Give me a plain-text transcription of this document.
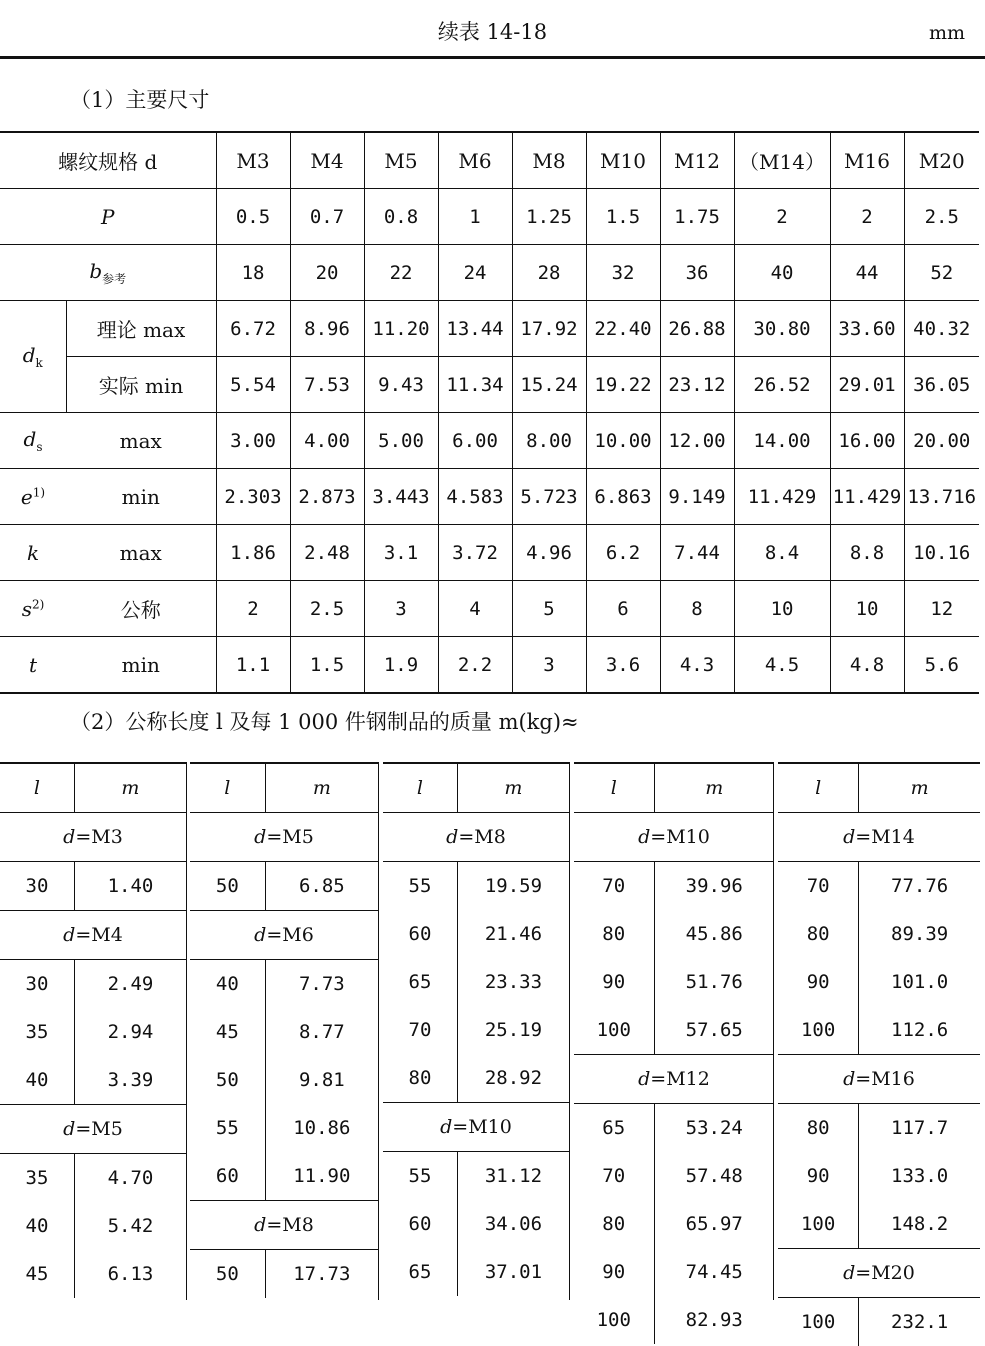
续表 14-18	mm
（1）主要尺寸
螺纹规格 d		M3	M4	M5	M6	M8	M10	M12	（M14）	M16	M20
P		0.5	0.7	0.8	1	1.25	1.5	1.75	2	2	2.5
$b_{参考}$		18	20	22	24	28	32	36	40	44	52
$d_k$	理论 max	6.72	8.96	11.20	13.44	17.92	22.40	26.88	30.80	33.60	40.32
	实际 min	5.54	7.53	9.43	11.34	15.24	19.22	23.12	26.52	29.01	36.05
$d_s$	max	3.00	4.00	5.00	6.00	8.00	10.00	12.00	14.00	16.00	20.00
$e^{1)}$	min	2.303	2.873	3.443	4.583	5.723	6.863	9.149	11.429	11.429	13.716
k	max	1.86	2.48	3.1	3.72	4.96	6.2	7.44	8.4	8.8	10.16
$s^{2)}$	公称	2	2.5	3	4	5	6	8	10	10	12
t	min	1.1	1.5	1.9	2.2	3	3.6	4.3	4.5	4.8	5.6
（2）公称长度 l 及每 1 000 件钢制品的质量 m(kg)≈
l	m
d=M3	
30	1.40
d=M4	
30	2.49
35	2.94
40	3.39
d=M5	
35	4.70
40	5.42
45	6.13
l	m
d=M5	
50	6.85
d=M6	
40	7.73
45	8.77
50	9.81
55	10.86
60	11.90
d=M8	
50	17.73
l	m
d=M8	
55	19.59
60	21.46
65	23.33
70	25.19
80	28.92
d=M10	
55	31.12
60	34.06
65	37.01
l	m
d=M10	
70	39.96
80	45.86
90	51.76
100	57.65
d=M12	
65	53.24
70	57.48
80	65.97
90	74.45
100	82.93
l	m
d=M14	
70	77.76
80	89.39
90	101.0
100	112.6
d=M16	
80	117.7
90	133.0
100	148.2
d=M20	
100	232.1
